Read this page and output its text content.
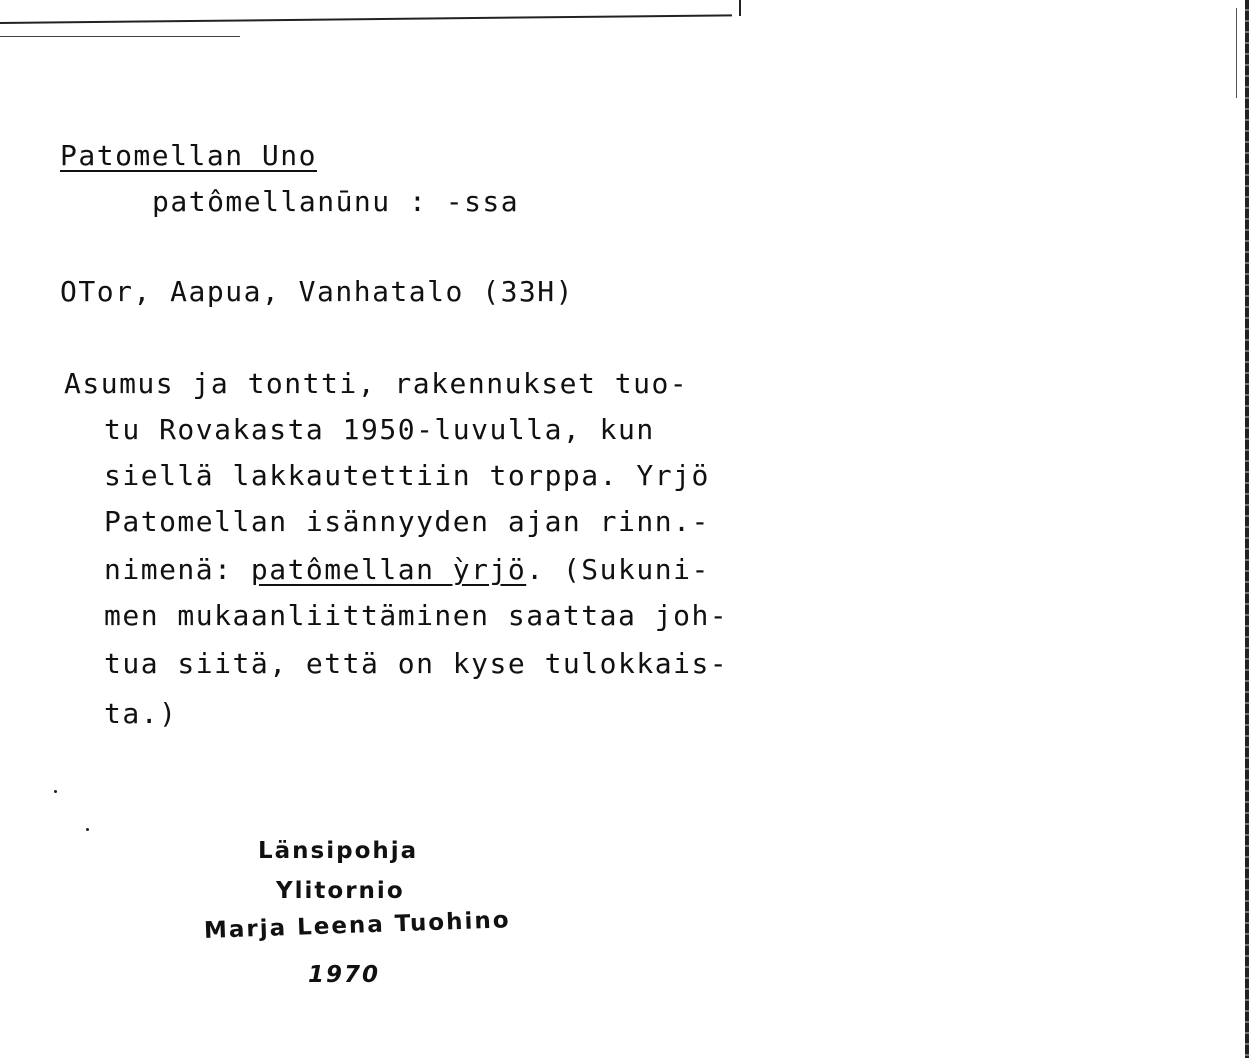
Patomellan Uno
patômellanūnu : -ssa
OTor, Aapua, Vanhatalo (33H)
Asumus ja tontti, rakennukset tuo-
tu Rovakasta 1950-luvulla, kun
siellä lakkautettiin torppa. Yrjö
Patomellan isännyyden ajan rinn.-
nimenä: patômellan ỳrjö. (Sukuni-
men mukaanliittäminen saattaa joh-
tua siitä, että on kyse tulokkais-
ta.)
Länsipohja
Ylitornio
Marja Leena Tuohino
1970
